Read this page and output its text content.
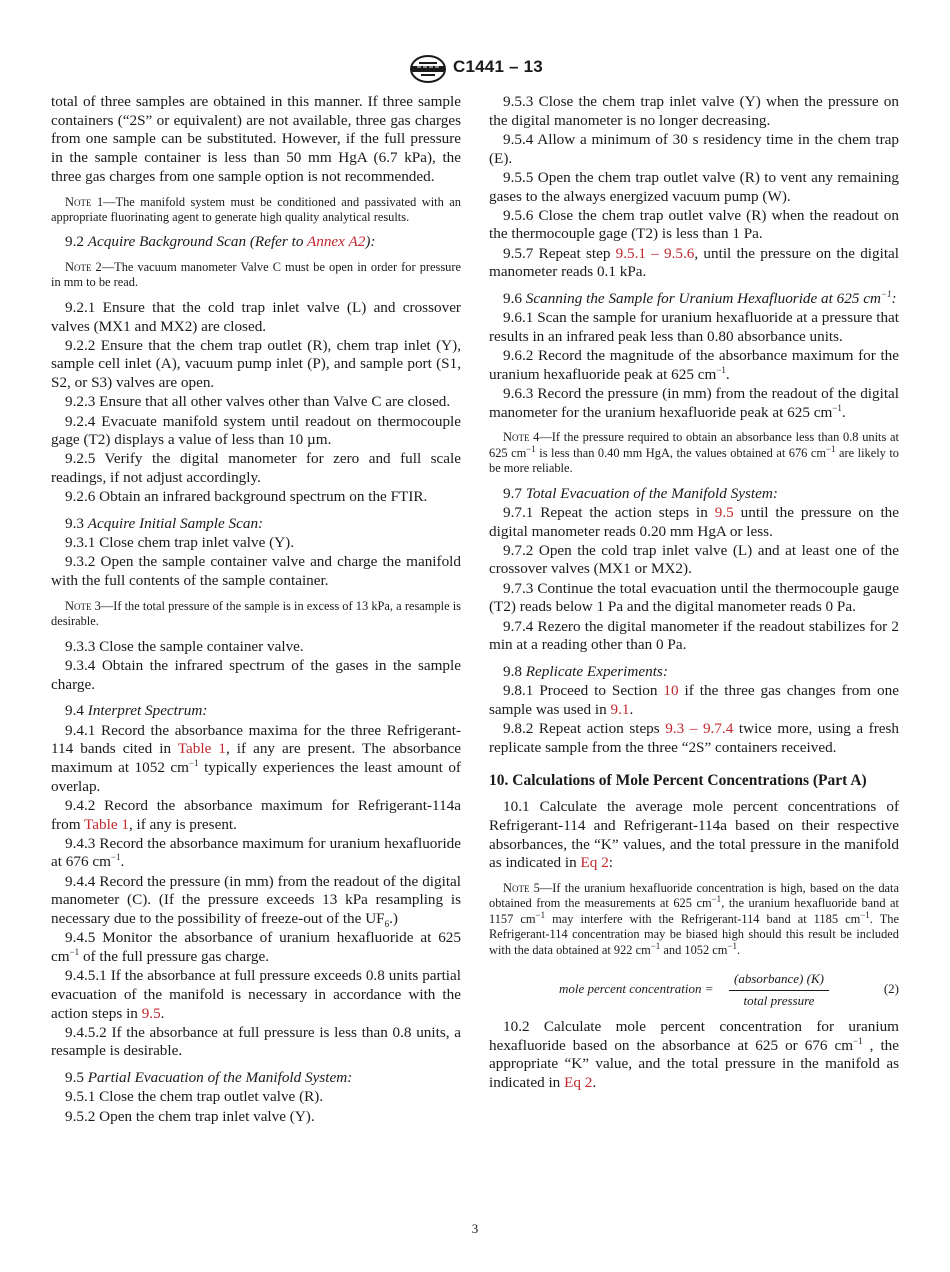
C1441 – 13

total of three samples are obtained in this manner. If three sample containers (“2S” or equivalent) are not available, three gas charges from one sample can be substituted. However, if the full pressure in the sample container is less than 50 mm HgA (6.7 kPa), the three gas charges from one sample option is not recommended.

Note 1—The manifold system must be conditioned and passivated with an appropriate fluorinating agent to generate high quality analytical results.

9.2 Acquire Background Scan (Refer to Annex A2):

Note 2—The vacuum manometer Valve C must be open in order for pressure in mm to be read.

9.2.1 Ensure that the cold trap inlet valve (L) and crossover valves (MX1 and MX2) are closed.

9.2.2 Ensure that the chem trap outlet (R), chem trap inlet (Y), sample cell inlet (A), vacuum pump inlet (P), and sample port (S1, S2, or S3) valves are open.

9.2.3 Ensure that all other valves other than Valve C are closed.

9.2.4 Evacuate manifold system until readout on thermocouple gage (T2) displays a value of less than 10 µm.

9.2.5 Verify the digital manometer for zero and full scale readings, if not adjust accordingly.

9.2.6 Obtain an infrared background spectrum on the FTIR.

9.3 Acquire Initial Sample Scan:

9.3.1 Close chem trap inlet valve (Y).

9.3.2 Open the sample container valve and charge the manifold with the full contents of the sample container.

Note 3—If the total pressure of the sample is in excess of 13 kPa, a resample is desirable.

9.3.3 Close the sample container valve.

9.3.4 Obtain the infrared spectrum of the gases in the sample charge.

9.4 Interpret Spectrum:

9.4.1 Record the absorbance maxima for the three Refrigerant-114 bands cited in Table 1, if any are present. The absorbance maximum at 1052 $cm^{-1}$ typically experiences the least amount of overlap.

9.4.2 Record the absorbance maximum for Refrigerant-114a from Table 1, if any is present.

9.4.3 Record the absorbance maximum for uranium hexafluoride at 676 $cm^{-1}$.

9.4.4 Record the pressure (in mm) from the readout of the digital manometer (C). (If the pressure exceeds 13 kPa resampling is necessary due to the possibility of freeze-out of the $UF_6$.)

9.4.5 Monitor the absorbance of uranium hexafluoride at 625 $cm^{-1}$ of the full pressure gas charge.

9.4.5.1 If the absorbance at full pressure exceeds 0.8 units partial evacuation of the manifold is necessary in accordance with the action steps in 9.5.

9.4.5.2 If the absorbance at full pressure is less than 0.8 units, a resample is desirable.

9.5 Partial Evacuation of the Manifold System:

9.5.1 Close the chem trap outlet valve (R).

9.5.2 Open the chem trap inlet valve (Y).

9.5.3 Close the chem trap inlet valve (Y) when the pressure on the digital manometer is no longer decreasing.

9.5.4 Allow a minimum of 30 s residency time in the chem trap (E).

9.5.5 Open the chem trap outlet valve (R) to vent any remaining gases to the always energized vacuum pump (W).

9.5.6 Close the chem trap outlet valve (R) when the readout on the thermocouple gage (T2) is less than 1 Pa.

9.5.7 Repeat step 9.5.1 – 9.5.6, until the pressure on the digital manometer reads 0.1 kPa.

9.6 Scanning the Sample for Uranium Hexafluoride at 625 $cm^{-1}$:

9.6.1 Scan the sample for uranium hexafluoride at a pressure that results in an infrared peak less than 0.80 absorbance units.

9.6.2 Record the magnitude of the absorbance maximum for the uranium hexafluoride peak at 625 $cm^{-1}$.

9.6.3 Record the pressure (in mm) from the readout of the digital manometer for the uranium hexafluoride peak at 625 $cm^{-1}$.

Note 4—If the pressure required to obtain an absorbance less than 0.8 units at 625 $cm^{-1}$ is less than 0.40 mm HgA, the values obtained at 676 $cm^{-1}$ are likely to be more reliable.

9.7 Total Evacuation of the Manifold System:

9.7.1 Repeat the action steps in 9.5 until the pressure on the digital manometer reads 0.20 mm HgA or less.

9.7.2 Open the cold trap inlet valve (L) and at least one of the crossover valves (MX1 or MX2).

9.7.3 Continue the total evacuation until the thermocouple gauge (T2) reads below 1 Pa and the digital manometer reads 0 Pa.

9.7.4 Rezero the digital manometer if the readout stabilizes for 2 min at a reading other than 0 Pa.

9.8 Replicate Experiments:

9.8.1 Proceed to Section 10 if the three gas changes from one sample was used in 9.1.

9.8.2 Repeat action steps 9.3 – 9.7.4 twice more, using a fresh replicate sample from the three “2S” containers received.

10. Calculations of Mole Percent Concentrations (Part A)

10.1 Calculate the average mole percent concentrations of Refrigerant-114 and Refrigerant-114a based on their respective absorbances, the “K” values, and the total pressure in the manifold as indicated in Eq 2:

Note 5—If the uranium hexafluoride concentration is high, based on the data obtained from the measurements at 625 $cm^{-1}$, the uranium hexafluoride band at 1157 $cm^{-1}$ may interfere with the Refrigerant-114 band at 1185 $cm^{-1}$. The Refrigerant-114 concentration may be biased high should this result be included with the data obtained at 922 $cm^{-1}$ and 1052 $cm^{-1}$.
mole percent concentration =
(absorbance) (K)
total pressure
(2)

10.2 Calculate mole percent concentration for uranium hexafluoride based on the absorbance at 625 or 676 $cm^{-1}$ , the appropriate “K” value, and the total pressure in the manifold as indicated in Eq 2.

3
